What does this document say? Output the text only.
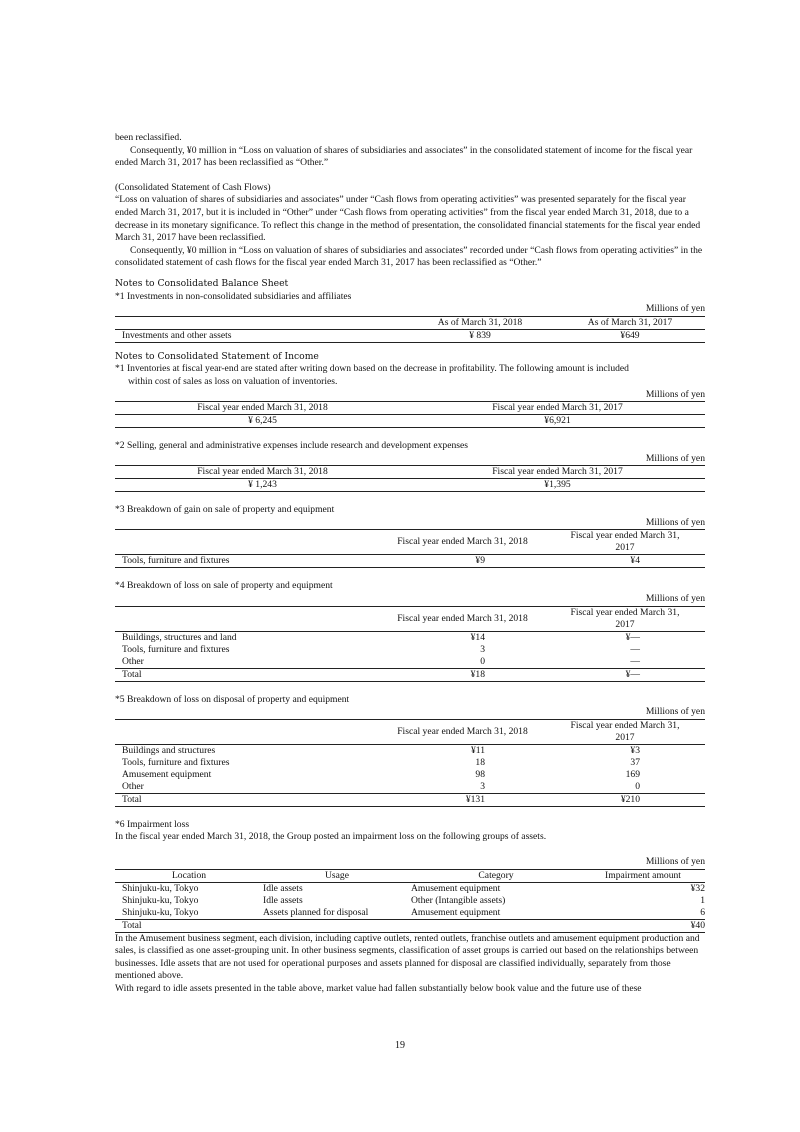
been reclassified.

Consequently, ¥0 million in “Loss on valuation of shares of subsidiaries and associates” in the consolidated statement of income for the fiscal year ended March 31, 2017 has been reclassified as “Other.”

(Consolidated Statement of Cash Flows)

“Loss on valuation of shares of subsidiaries and associates” under “Cash flows from operating activities” was presented separately for the fiscal year ended March 31, 2017, but it is included in “Other” under “Cash flows from operating activities” from the fiscal year ended March 31, 2018, due to a decrease in its monetary significance. To reflect this change in the method of presentation, the consolidated financial statements for the fiscal year ended March 31, 2017 have been reclassified.

Consequently, ¥0 million in “Loss on valuation of shares of subsidiaries and associates” recorded under “Cash flows from operating activities” in the consolidated statement of cash flows for the fiscal year ended March 31, 2017 has been reclassified as “Other.”

Notes to Consolidated Balance Sheet

*1 Investments in non-consolidated subsidiaries and affiliates

Millions of yen

	As of March 31, 2018	As of March 31, 2017
Investments and other assets	¥ 839	¥649

Notes to Consolidated Statement of Income

*1 Inventories at fiscal year-end are stated after writing down based on the decrease in profitability. The following amount is included

within cost of sales as loss on valuation of inventories.

Millions of yen

Fiscal year ended March 31, 2018	Fiscal year ended March 31, 2017
¥ 6,245	¥6,921

*2 Selling, general and administrative expenses include research and development expenses

Millions of yen

Fiscal year ended March 31, 2018	Fiscal year ended March 31, 2017
¥ 1,243	¥1,395

*3 Breakdown of gain on sale of property and equipment

Millions of yen

	Fiscal year ended March 31, 2018	Fiscal year ended March 31,
2017
Tools, furniture and fixtures	¥9	¥4

*4 Breakdown of loss on sale of property and equipment

Millions of yen

	Fiscal year ended March 31, 2018	Fiscal year ended March 31,
2017
Buildings, structures and land	¥14	¥—
Tools, furniture and fixtures	3	—
Other	0	—
Total	¥18	¥—

*5 Breakdown of loss on disposal of property and equipment

Millions of yen

	Fiscal year ended March 31, 2018	Fiscal year ended March 31,
2017
Buildings and structures	¥11	¥3
Tools, furniture and fixtures	18	37
Amusement equipment	98	169
Other	3	0
Total	¥131	¥210

*6 Impairment loss

In the fiscal year ended March 31, 2018, the Group posted an impairment loss on the following groups of assets.

Millions of yen

Location	Usage	Category	Impairment amount
Shinjuku-ku, Tokyo	Idle assets	Amusement equipment	¥32
Shinjuku-ku, Tokyo	Idle assets	Other (Intangible assets)	1
Shinjuku-ku, Tokyo	Assets planned for disposal	Amusement equipment	6
Total			¥40

In the Amusement business segment, each division, including captive outlets, rented outlets, franchise outlets and amusement equipment production and sales, is classified as one asset-grouping unit. In other business segments, classification of asset groups is carried out based on the relationships between businesses. Idle assets that are not used for operational purposes and assets planned for disposal are classified individually, separately from those mentioned above.

With regard to idle assets presented in the table above, market value had fallen substantially below book value and the future use of these

19
